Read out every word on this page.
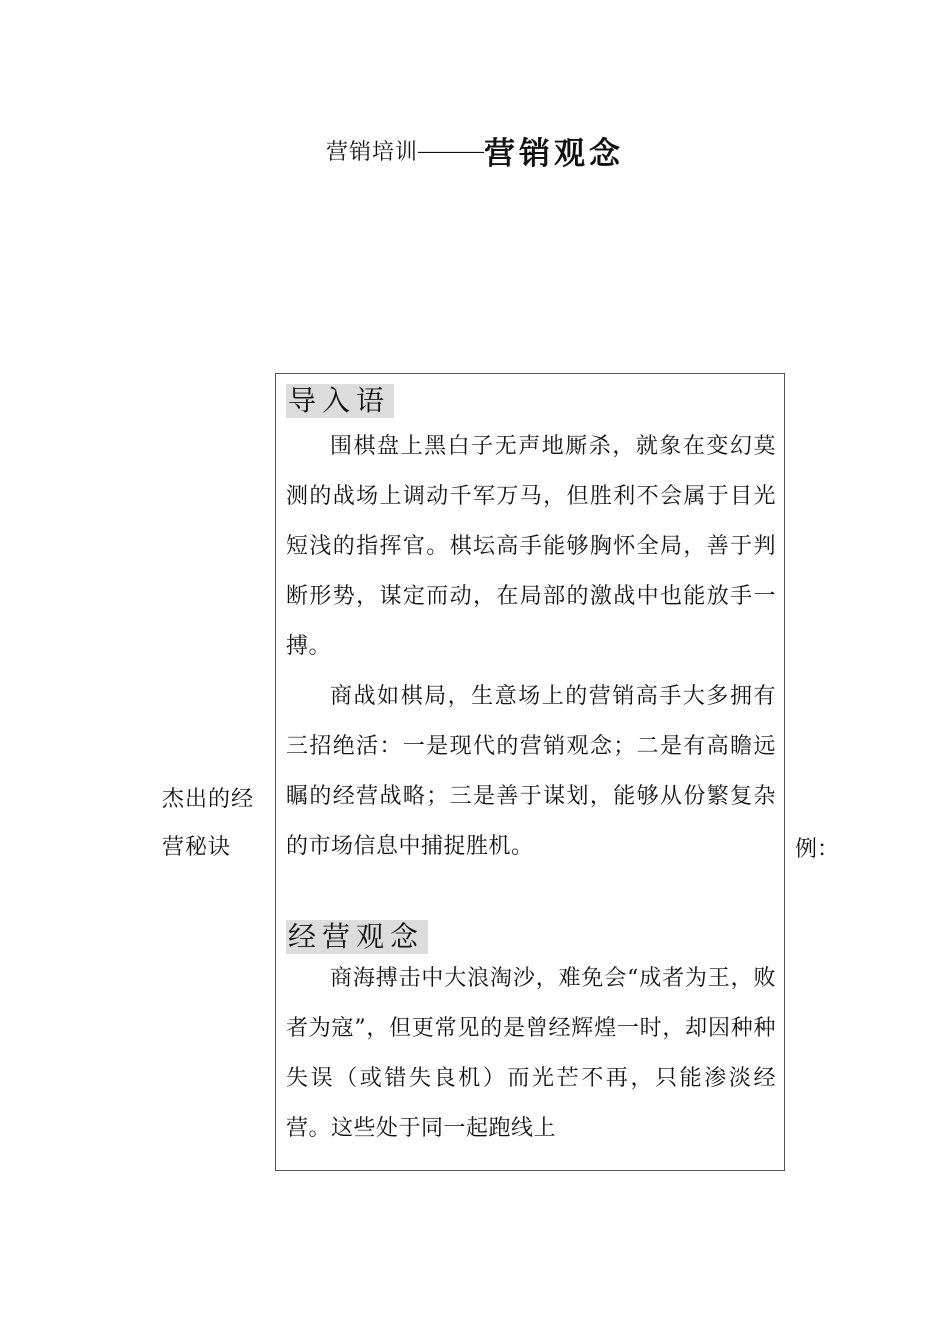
营销培训———营销观念
杰出的经营秘诀
导入语

围棋盘上黑白子无声地厮杀，就象在变幻莫测的战场上调动千军万马，但胜利不会属于目光短浅的指挥官。棋坛高手能够胸怀全局，善于判断形势，谋定而动，在局部的激战中也能放手一搏。

商战如棋局，生意场上的营销高手大多拥有三招绝活：一是现代的营销观念；二是有高瞻远瞩的经营战略；三是善于谋划，能够从份繁复杂的市场信息中捕捉胜机。

经营观念

商海搏击中大浪淘沙，难免会“成者为王，败者为寇”，但更常见的是曾经辉煌一时，却因种种失误（或错失良机）而光芒不再，只能渗淡经营。这些处于同一起跑线上

例：
